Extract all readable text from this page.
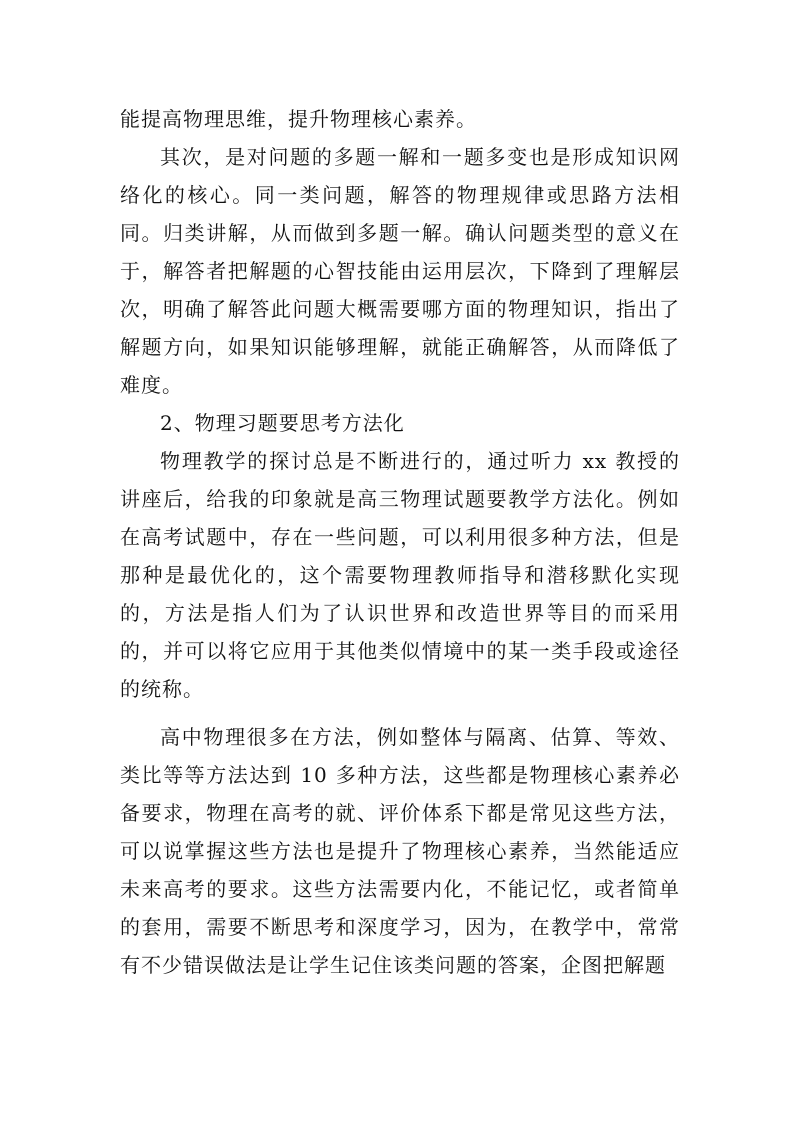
能提高物理思维，提升物理核心素养。

其次，是对问题的多题一解和一题多变也是形成知识网络化的核心。同一类问题，解答的物理规律或思路方法相同。归类讲解，从而做到多题一解。确认问题类型的意义在于，解答者把解题的心智技能由运用层次，下降到了理解层次，明确了解答此问题大概需要哪方面的物理知识，指出了解题方向，如果知识能够理解，就能正确解答，从而降低了难度。

2、物理习题要思考方法化

物理教学的探讨总是不断进行的，通过听力 xx 教授的讲座后，给我的印象就是高三物理试题要教学方法化。例如在高考试题中，存在一些问题，可以利用很多种方法，但是那种是最优化的，这个需要物理教师指导和潜移默化实现的，方法是指人们为了认识世界和改造世界等目的而采用的，并可以将它应用于其他类似情境中的某一类手段或途径的统称。

高中物理很多在方法，例如整体与隔离、估算、等效、类比等等方法达到 10 多种方法，这些都是物理核心素养必备要求，物理在高考的就、评价体系下都是常见这些方法，可以说掌握这些方法也是提升了物理核心素养，当然能适应未来高考的要求。这些方法需要内化，不能记忆，或者简单的套用，需要不断思考和深度学习，因为，在教学中，常常有不少错误做法是让学生记住该类问题的答案，企图把解题
